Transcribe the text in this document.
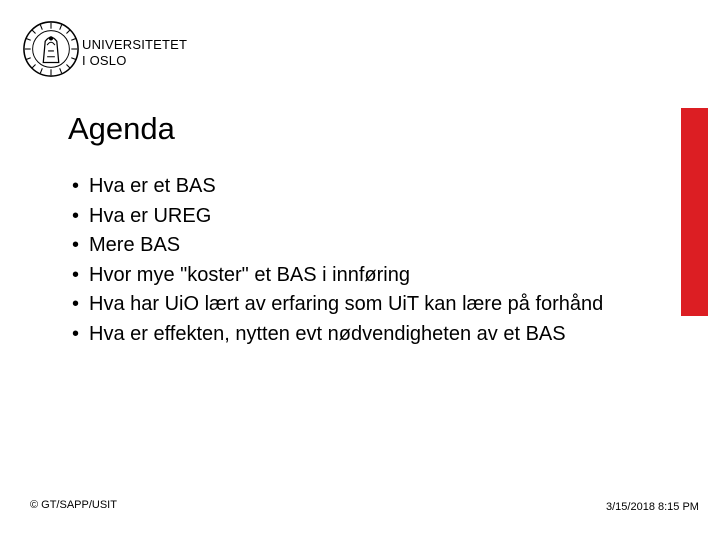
UNIVERSITETET
I OSLO
Agenda
• Hva er et BAS
• Hva er UREG
• Mere BAS
• Hvor mye "koster" et BAS i innføring
• Hva har UiO lært av erfaring som UiT kan lære på forhånd
• Hva er effekten, nytten evt nødvendigheten av et BAS
© GT/SAPP/USIT	3/15/2018 8:15 PM
